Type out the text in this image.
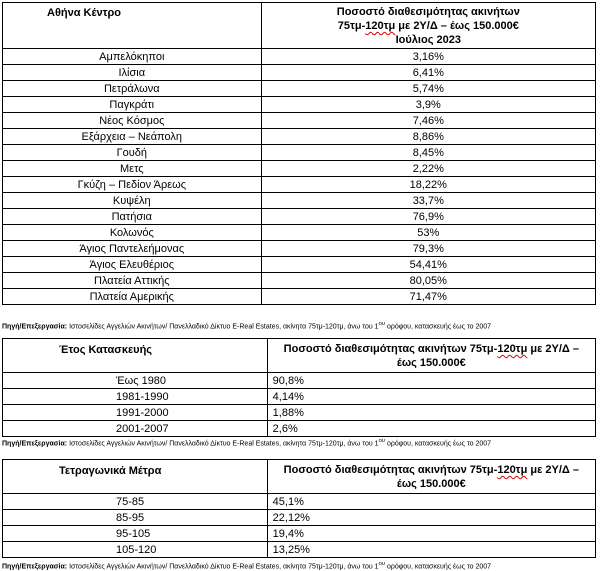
Αθήνα Κέντρο	Ποσοστό διαθεσιμότητας ακινήτων
75τμ-120τμ με 2Υ/Δ – έως 150.000€
Ιούλιος 2023
Αμπελόκηποι	3,16%
Ιλίσια	6,41%
Πετράλωνα	5,74%
Παγκράτι	3,9%
Νέος Κόσμος	7,46%
Εξάρχεια – Νεάπολη	8,86%
Γουδή	8,45%
Μετς	2,22%
Γκύζη – Πεδίον Άρεως	18,22%
Κυψέλη	33,7%
Πατήσια	76,9%
Κολωνός	53%
Άγιος Παντελεήμονας	79,3%
Άγιος Ελευθέριος	54,41%
Πλατεία Αττικής	80,05%
Πλατεία Αμερικής	71,47%
Πηγή/Επεξεργασία: Ιστοσελίδες Αγγελιών Ακινήτων/ Πανελλαδικό Δίκτυο E-Real Estates, ακίνητα 75τμ-120τμ, άνω του $1^{o\upsilon}$ ορόφου, κατασκευής έως το 2007
Έτος Κατασκευής	Ποσοστό διαθεσιμότητας ακινήτων 75τμ-120τμ με 2Υ/Δ –
έως 150.000€
Έως 1980	90,8%
1981-1990	4,14%
1991-2000	1,88%
2001-2007	2,6%
Πηγή/Επεξεργασία: Ιστοσελίδες Αγγελιών Ακινήτων/ Πανελλαδικό Δίκτυο E-Real Estates, ακίνητα 75τμ-120τμ, άνω του $1^{o\upsilon}$ ορόφου, κατασκευής έως το 2007
Τετραγωνικά Μέτρα	Ποσοστό διαθεσιμότητας ακινήτων 75τμ-120τμ με 2Υ/Δ –
έως 150.000€
75-85	45,1%
85-95	22,12%
95-105	19,4%
105-120	13,25%
Πηγή/Επεξεργασία: Ιστοσελίδες Αγγελιών Ακινήτων/ Πανελλαδικό Δίκτυο E-Real Estates, ακίνητα 75τμ-120τμ, άνω του $1^{o\upsilon}$ ορόφου, κατασκευής έως το 2007
